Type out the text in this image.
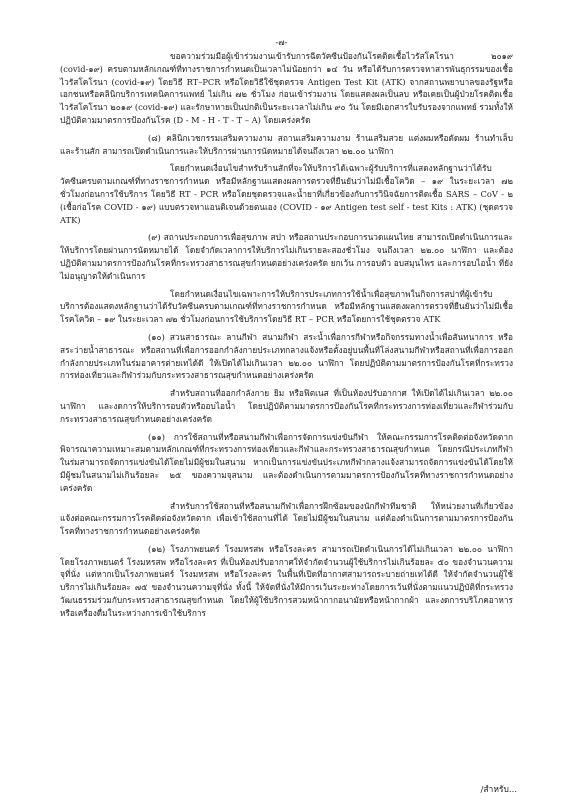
-๗-

ขอความร่วมมือผู้เข้าร่วมงานเข้ารับการฉีดวัคซีนป้องกันโรคติดเชื้อไวรัสโคโรนา ๒๐๑๙ (covid-๑๙) ครบตามหลักเกณฑ์ที่ทางราชการกำหนดเป็นเวลาไม่น้อยกว่า ๑๔ วัน หรือได้รับการตรวจหาสารพันธุกรรมของเชื้อไวรัสโคโรนา (covid-๑๙) โดยวิธี RT–PCR หรือโดยวิธีใช้ชุดตรวจ Antigen Test Kit (ATK) จากสถานพยาบาลของรัฐหรือเอกชนหรือคลินิกบริการเทคนิคการแพทย์ ไม่เกิน ๗๒ ชั่วโมง ก่อนเข้าร่วมงาน โดยแสดงผลเป็นลบ หรือเคยเป็นผู้ป่วยโรคติดเชื้อไวรัสโคโรนา ๒๐๑๙ (covid-๑๙) และรักษาหายเป็นปกติเป็นระยะเวลาไม่เกิน ๙๐ วัน โดยมีเอกสารใบรับรองจากแพทย์ รวมทั้งให้ปฏิบัติตามมาตรการป้องกันโรค (D - M - H - T - T – A) โดยเคร่งครัด

(๘) คลินิกเวชกรรมเสริมความงาม สถานเสริมความงาม ร้านเสริมสวย แต่งผมหรือตัดผม ร้านทำเล็บ และร้านสัก สามารถเปิดดำเนินการและให้บริการผ่านการนัดหมายได้จนถึงเวลา ๒๒.๐๐ นาฬิกา

โดยกำหนดเงื่อนไขสำหรับร้านสักที่จะให้บริการได้เฉพาะผู้รับบริการที่แสดงหลักฐานว่าได้รับวัคซีนครบตามเกณฑ์ที่ทางราชการกำหนด หรือมีหลักฐานแสดงผลการตรวจที่ยืนยันว่าไม่มีเชื้อโควิด – ๑๙ ในระยะเวลา ๗๒ ชั่วโมงก่อนการใช้บริการ โดยวิธี RT - PCR หรือโดยชุดตรวจและน้ำยาที่เกี่ยวข้องกับการวินิจฉัยการติดเชื้อ SARS – CoV - ๒ (เชื้อก่อโรค COVID - ๑๙) แบบตรวจหาแอนติเจนด้วยตนเอง (COVID - ๑๙ Antigen test self - test Kits : ATK) (ชุดตรวจ ATK)

(๙) สถานประกอบการเพื่อสุขภาพ สปา หรือสถานประกอบการนวดแผนไทย สามารถเปิดดำเนินการและให้บริการโดยผ่านการนัดหมายได้ โดยจำกัดเวลาการให้บริการไม่เกินรายละสองชั่วโมง จนถึงเวลา ๒๒.๐๐ นาฬิกา และต้องปฏิบัติตามมาตรการป้องกันโรคที่กระทรวงสาธารณสุขกำหนดอย่างเคร่งครัด ยกเว้น การอบตัว อบสมุนไพร และการอบไอน้ำ ที่ยังไม่อนุญาตให้ดำเนินการ

โดยกำหนดเงื่อนไขเฉพาะการให้บริการประเภทการใช้น้ำเพื่อสุขภาพในกิจการสปาที่ผู้เข้ารับบริการต้องแสดงหลักฐานว่าได้รับวัคซีนครบตามเกณฑ์ที่ทางราชการกำหนด หรือมีหลักฐานแสดงผลการตรวจที่ยืนยันว่าไม่มีเชื้อโรคโควิด – ๑๙ ในระยะเวลา ๗๒ ชั่วโมงก่อนการใช้บริการโดยวิธี RT – PCR หรือโดยการใช้ชุดตรวจ ATK

(๑๐) สวนสาธารณะ ลานกีฬา สนามกีฬา สระน้ำเพื่อการกีฬาหรือกิจกรรมทางน้ำเพื่อสันทนาการ หรือสระว่ายน้ำสาธารณะ หรือสถานที่เพื่อการออกกำลังกายประเภทกลางแจ้งหรือตั้งอยู่บนพื้นที่โล่งสนามกีฬาหรือสถานที่เพื่อการออกกำลังกายประเภทในร่มอาคารต่ายเทได้ดี ให้เปิดได้ไม่เกินเวลา ๒๒.๐๐ นาฬิกา โดยปฏิบัติตามมาตรการป้องกันโรคที่กระทรวงการท่องเที่ยวและกีฬาร่วมกับกระทรวงสาธารณสุขกำหนดอย่างเคร่งครัด

สำหรับสถานที่ออกกำลังกาย ยิม หรือฟิตเนส ที่เป็นห้องปรับอากาศ ให้เปิดได้ไม่เกินเวลา ๒๒.๐๐ นาฬิกา และงดการให้บริการอบตัวหรืออบไอน้ำ โดยปฏิบัติตามมาตรการป้องกันโรคที่กระทรวงการท่องเที่ยวและกีฬาร่วมกับกระทรวงสาธารณสุขกำหนดอย่างเคร่งครัด

(๑๑) การใช้สถานที่หรือสนามกีฬาเพื่อการจัดการแข่งขันกีฬา ให้คณะกรรมการโรคติดต่อจังหวัดตาก พิจารณาความเหมาะสมตามหลักเกณฑ์ที่กระทรวงการท่องเที่ยวและกีฬาและกระทรวงสาธารณสุขกำหนด โดยกรณีประเภทกีฬาในร่มสามารถจัดการแข่งขันได้โดยไม่มีผู้ชมในสนาม หากเป็นการแข่งขันประเภทกีฬากลางแจ้งสามารถจัดการแข่งขันได้โดยให้มีผู้ชมในสนามไม่เกินร้อยละ ๒๕ ของความจุสนาม และต้องดำเนินการตามมาตรการป้องกันโรคที่ทางราชการกำหนดอย่างเคร่งครัด

สำหรับการใช้สถานที่หรือสนามกีฬาเพื่อการฝึกซ้อมของนักกีฬาทีมชาติ ให้หน่วยงานที่เกี่ยวข้องแจ้งต่อคณะกรรมการโรคติดต่อจังหวัดตาก เพื่อเข้าใช้สถานที่ได้ โดยไม่มีผู้ชมในสนาม แต่ต้องดำเนินการตามมาตรการป้องกันโรคที่ทางราชการกำหนดอย่างเคร่งครัด

(๑๒) โรงภาพยนตร์ โรงมหรสพ หรือโรงละคร สามารถเปิดดำเนินการได้ไม่เกินเวลา ๒๒.๐๐ นาฬิกา โดยโรงภาพยนตร์ โรงมหรสพ หรือโรงละคร ที่เป็นห้องปรับอากาศให้จำกัดจำนวนผู้ใช้บริการไม่เกินร้อยละ ๕๐ ของจำนวนความจุที่นั่ง แต่หากเป็นโรงภาพยนตร์ โรงมหรสพ หรือโรงละคร ในพื้นที่เปิดที่อากาศสามารถระบายถ่ายเทได้ดี ให้จำกัดจำนวนผู้ใช้บริการไม่เกินร้อยละ ๗๕ ของจำนวนความจุที่นั่ง ทั้งนี้ ให้จัดที่นั่งให้มีการเว้นระยะห่างโดยการเว้นที่นั่งตามแนวปฏิบัติที่กระทรวงวัฒนธรรมร่วมกับกระทรวงสาธารณสุขกำหนด โดยให้ผู้ใช้บริการสวมหน้ากากอนามัยหรือหน้ากากผ้า และงดการบริโภคอาหารหรือเครื่องดื่มในระหว่างการเข้าใช้บริการ

/สำหรับ...
